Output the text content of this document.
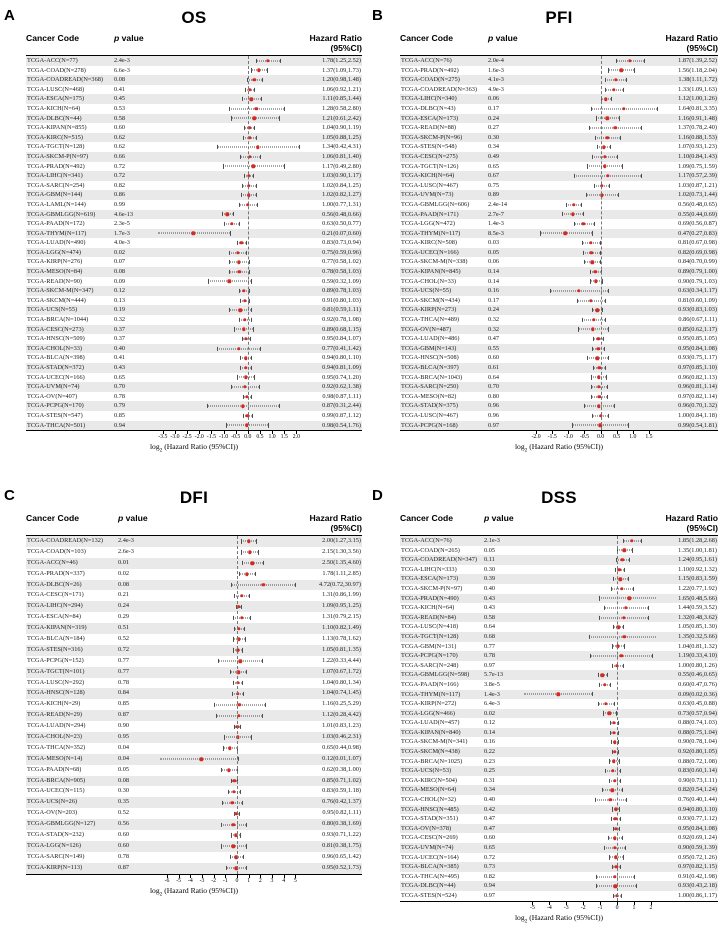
A	OS
Cancer Code	p value	Hazard Ratio (95%CI)
TCGA-ACC(N=77)	2.4e-3	1.78(1.25,2.52)
TCGA-COAD(N=278)	6.6e-3	1.37(1.09,1.73)
TCGA-COADREAD(N=368)	0.08	1.20(0.98,1.48)
TCGA-LUSC(N=468)	0.41	1.06(0.92,1.21)
TCGA-ESCA(N=175)	0.45	1.11(0.85,1.44)
TCGA-KICH(N=64)	0.53	1.28(0.58,2.80)
TCGA-DLBC(N=44)	0.58	1.21(0.61,2.42)
TCGA-KIPAN(N=855)	0.60	1.04(0.90,1.19)
TCGA-KIRC(N=515)	0.62	1.05(0.88,1.25)
TCGA-TGCT(N=128)	0.62	1.34(0.42,4.31)
TCGA-SKCM-P(N=97)	0.66	1.06(0.81,1.40)
TCGA-PRAD(N=492)	0.72	1.17(0.49,2.80)
TCGA-LIHC(N=341)	0.72	1.03(0.90,1.17)
TCGA-SARC(N=254)	0.82	1.02(0.84,1.25)
TCGA-GBM(N=144)	0.86	1.02(0.82,1.27)
TCGA-LAML(N=144)	0.99	1.00(0.77,1.31)
TCGA-GBMLGG(N=619)	4.6e-13	0.56(0.48,0.66)
TCGA-PAAD(N=172)	2.3e-5	0.63(0.50,0.77)
TCGA-THYM(N=117)	1.7e-3	0.21(0.07,0.60)
TCGA-LUAD(N=490)	4.0e-3	0.83(0.73,0.94)
TCGA-LGG(N=474)	0.02	0.75(0.59,0.96)
TCGA-KIRP(N=276)	0.07	0.77(0.58,1.02)
TCGA-MESO(N=84)	0.08	0.78(0.58,1.03)
TCGA-READ(N=90)	0.09	0.59(0.32,1.09)
TCGA-SKCM-M(N=347)	0.12	0.89(0.78,1.03)
TCGA-SKCM(N=444)	0.13	0.91(0.80,1.03)
TCGA-UCS(N=55)	0.19	0.81(0.59,1.11)
TCGA-BRCA(N=1044)	0.32	0.92(0.78,1.08)
TCGA-CESC(N=273)	0.37	0.89(0.68,1.15)
TCGA-HNSC(N=509)	0.37	0.95(0.84,1.07)
TCGA-CHOL(N=33)	0.40	0.77(0.41,1.42)
TCGA-BLCA(N=398)	0.41	0.94(0.80,1.10)
TCGA-STAD(N=372)	0.43	0.94(0.81,1.09)
TCGA-UCEC(N=166)	0.65	0.95(0.74,1.20)
TCGA-UVM(N=74)	0.70	0.92(0.62,1.38)
TCGA-OV(N=407)	0.78	0.98(0.87,1.11)
TCGA-PCPG(N=170)	0.79	0.87(0.31,2.44)
TCGA-STES(N=547)	0.85	0.99(0.87,1.12)
TCGA-THCA(N=501)	0.94	0.98(0.54,1.76)
-3.5 -3.0 -2.5 -2.0 -1.5 -1.0 -0.5 0.0 0.5 1.0 1.5 2.0
$\log_2$ (Hazard Ratio (95%CI))
B	PFI
Cancer Code	p value	Hazard Ratio (95%CI)
TCGA-ACC(N=76)	2.0e-4	1.87(1.39,2.52)
TCGA-PRAD(N=492)	1.6e-3	1.56(1.18,2.04)
TCGA-COAD(N=275)	4.1e-3	1.38(1.11,1.72)
TCGA-COADREAD(N=363)	4.9e-3	1.33(1.09,1.63)
TCGA-LIHC(N=340)	0.06	1.12(1.00,1.26)
TCGA-DLBC(N=43)	0.17	1.64(0.81,3.35)
TCGA-ESCA(N=173)	0.24	1.16(0.91,1.48)
TCGA-READ(N=88)	0.27	1.37(0.78,2.40)
TCGA-SKCM-P(N=96)	0.30	1.16(0.88,1.53)
TCGA-STES(N=548)	0.34	1.07(0.93,1.23)
TCGA-CESC(N=275)	0.49	1.10(0.84,1.43)
TCGA-TGCT(N=126)	0.65	1.09(0.75,1.59)
TCGA-KICH(N=64)	0.67	1.17(0.57,2.39)
TCGA-LUSC(N=467)	0.75	1.03(0.87,1.21)
TCGA-UVM(N=73)	0.89	1.02(0.73,1.44)
TCGA-GBMLGG(N=606)	2.4e-14	0.56(0.48,0.65)
TCGA-PAAD(N=171)	2.7e-7	0.55(0.44,0.69)
TCGA-LGG(N=472)	1.4e-3	0.69(0.56,0.87)
TCGA-THYM(N=117)	8.5e-3	0.47(0.27,0.83)
TCGA-KIRC(N=508)	0.03	0.81(0.67,0.98)
TCGA-UCEC(N=166)	0.05	0.82(0.69,0.98)
TCGA-SKCM-M(N=338)	0.06	0.84(0.70,0.99)
TCGA-KIPAN(N=845)	0.14	0.89(0.79,1.00)
TCGA-CHOL(N=33)	0.14	0.90(0.79,1.03)
TCGA-UCS(N=55)	0.16	0.63(0.34,1.17)
TCGA-SKCM(N=434)	0.17	0.81(0.60,1.09)
TCGA-KIRP(N=273)	0.24	0.93(0.83,1.03)
TCGA-THCA(N=489)	0.32	0.86(0.67,1.11)
TCGA-OV(N=487)	0.32	0.85(0.62,1.17)
TCGA-LUAD(N=486)	0.47	0.95(0.85,1.05)
TCGA-GBM(N=143)	0.55	0.95(0.84,1.08)
TCGA-HNSC(N=508)	0.60	0.93(0.75,1.17)
TCGA-BLCA(N=397)	0.61	0.97(0.85,1.10)
TCGA-BRCA(N=1043)	0.64	0.96(0.82,1.13)
TCGA-SARC(N=250)	0.70	0.96(0.81,1.14)
TCGA-MESO(N=82)	0.80	0.97(0.82,1.14)
TCGA-STAD(N=375)	0.96	0.96(0.70,1.32)
TCGA-LUSC(N=467)	0.96	1.00(0.84,1.18)
TCGA-PCPG(N=168)	0.97	0.99(0.54,1.81)
-2.0 -1.5 -1.0 -0.5 0.0 0.5 1.0 1.5
$\log_2$ (Hazard Ratio (95%CI))
C	DFI
Cancer Code	p value	Hazard Ratio (95%CI)
TCGA-COADREAD(N=132)	2.4e-3	2.00(1.27,3.15)
TCGA-COAD(N=103)	2.6e-3	2.15(1.30,3.56)
TCGA-ACC(N=46)	0.01	2.50(1.35,4.60)
TCGA-PRAD(N=337)	0.02	1.78(1.11,2.85)
TCGA-DLBC(N=26)	0.08	4.72(0.72,30.97)
TCGA-CESC(N=171)	0.21	1.31(0.86,1.99)
TCGA-LIHC(N=294)	0.24	1.09(0.95,1.25)
TCGA-ESCA(N=84)	0.29	1.31(0.79,2.15)
TCGA-KIPAN(N=319)	0.51	1.10(0.82,1.49)
TCGA-BLCA(N=184)	0.52	1.13(0.78,1.62)
TCGA-STES(N=316)	0.72	1.05(0.81,1.35)
TCGA-PCPG(N=152)	0.77	1.22(0.33,4.44)
TCGA-TGCT(N=101)	0.77	1.07(0.67,1.72)
TCGA-LUSC(N=292)	0.78	1.04(0.80,1.34)
TCGA-HNSC(N=128)	0.84	1.04(0.74,1.45)
TCGA-KICH(N=29)	0.85	1.16(0.25,5.29)
TCGA-READ(N=29)	0.87	1.12(0.28,4.42)
TCGA-LUAD(N=294)	0.90	1.01(0.83,1.23)
TCGA-CHOL(N=23)	0.95	1.03(0.46,2.31)
TCGA-THCA(N=352)	0.04	0.65(0.44,0.98)
TCGA-MESO(N=14)	0.04	0.12(0.01,1.07)
TCGA-PAAD(N=68)	0.05	0.62(0.38,1.00)
TCGA-BRCA(N=905)	0.08	0.85(0.71,1.02)
TCGA-UCEC(N=115)	0.30	0.83(0.59,1.18)
TCGA-UCS(N=26)	0.35	0.76(0.42,1.37)
TCGA-OV(N=203)	0.52	0.95(0.82,1.11)
TCGA-GBMLGG(N=127)	0.56	0.80(0.38,1.69)
TCGA-STAD(N=232)	0.60	0.93(0.71,1.22)
TCGA-LGG(N=126)	0.60	0.81(0.38,1.75)
TCGA-SARC(N=149)	0.78	0.96(0.65,1.42)
TCGA-KIRP(N=113)	0.87	0.95(0.52,1.73)
-6 -5 -4 -3 -2 -1 0 1 2 3 4 5
$\log_2$ (Hazard Ratio (95%CI))
D	DSS
Cancer Code	p value	Hazard Ratio (95%CI)
TCGA-ACC(N=76)	2.1e-3	1.85(1.28,2.68)
TCGA-COAD(N=265)	0.05	1.35(1.00,1.81)
TCGA-COADREAD(N=347)	0.11	1.24(0.95,1.61)
TCGA-LIHC(N=333)	0.30	1.10(0.92,1.32)
TCGA-ESCA(N=173)	0.39	1.15(0.83,1.59)
TCGA-SKCM-P(N=97)	0.40	1.22(0.77,1.92)
TCGA-PRAD(N=490)	0.43	1.65(0.48,5.66)
TCGA-KICH(N=64)	0.43	1.44(0.59,3.52)
TCGA-READ(N=84)	0.58	1.32(0.48,3.62)
TCGA-LUSC(N=418)	0.64	1.05(0.85,1.30)
TCGA-TGCT(N=128)	0.68	1.35(0.32,5.66)
TCGA-GBM(N=131)	0.77	1.04(0.81,1.32)
TCGA-PCPG(N=170)	0.78	1.19(0.33,4.10)
TCGA-SARC(N=248)	0.97	1.00(0.80,1.26)
TCGA-GBMLGG(N=598)	5.7e-13	0.55(0.46,0.65)
TCGA-PAAD(N=166)	3.8e-5	0.60(0.47,0.76)
TCGA-THYM(N=117)	1.4e-3	0.09(0.02,0.36)
TCGA-KIRP(N=272)	6.4e-3	0.63(0.45,0.88)
TCGA-LGG(N=466)	0.02	0.73(0.57,0.94)
TCGA-LUAD(N=457)	0.12	0.88(0.74,1.03)
TCGA-KIPAN(N=840)	0.14	0.88(0.75,1.04)
TCGA-SKCM-M(N=341)	0.16	0.90(0.78,1.04)
TCGA-SKCM(N=438)	0.22	0.92(0.80,1.05)
TCGA-BRCA(N=1025)	0.23	0.88(0.72,1.08)
TCGA-UCS(N=53)	0.25	0.83(0.60,1.14)
TCGA-KIRC(N=504)	0.31	0.90(0.73,1.11)
TCGA-MESO(N=64)	0.34	0.82(0.54,1.24)
TCGA-CHOL(N=32)	0.40	0.76(0.40,1.44)
TCGA-HNSC(N=485)	0.42	0.94(0.80,1.10)
TCGA-STAD(N=351)	0.47	0.93(0.77,1.12)
TCGA-OV(N=378)	0.47	0.95(0.84,1.08)
TCGA-CESC(N=269)	0.60	0.92(0.69,1.24)
TCGA-UVM(N=74)	0.65	0.90(0.59,1.39)
TCGA-UCEC(N=164)	0.72	0.95(0.72,1.26)
TCGA-BLCA(N=385)	0.73	0.97(0.82,1.15)
TCGA-THCA(N=495)	0.82	0.91(0.42,1.98)
TCGA-DLBC(N=44)	0.94	0.93(0.43,2.18)
TCGA-STES(N=524)	0.97	1.00(0.86,1.17)
-5 -4 -3 -2 -1 0 1 2
$\log_2$ (Hazard Ratio (95%CI))
